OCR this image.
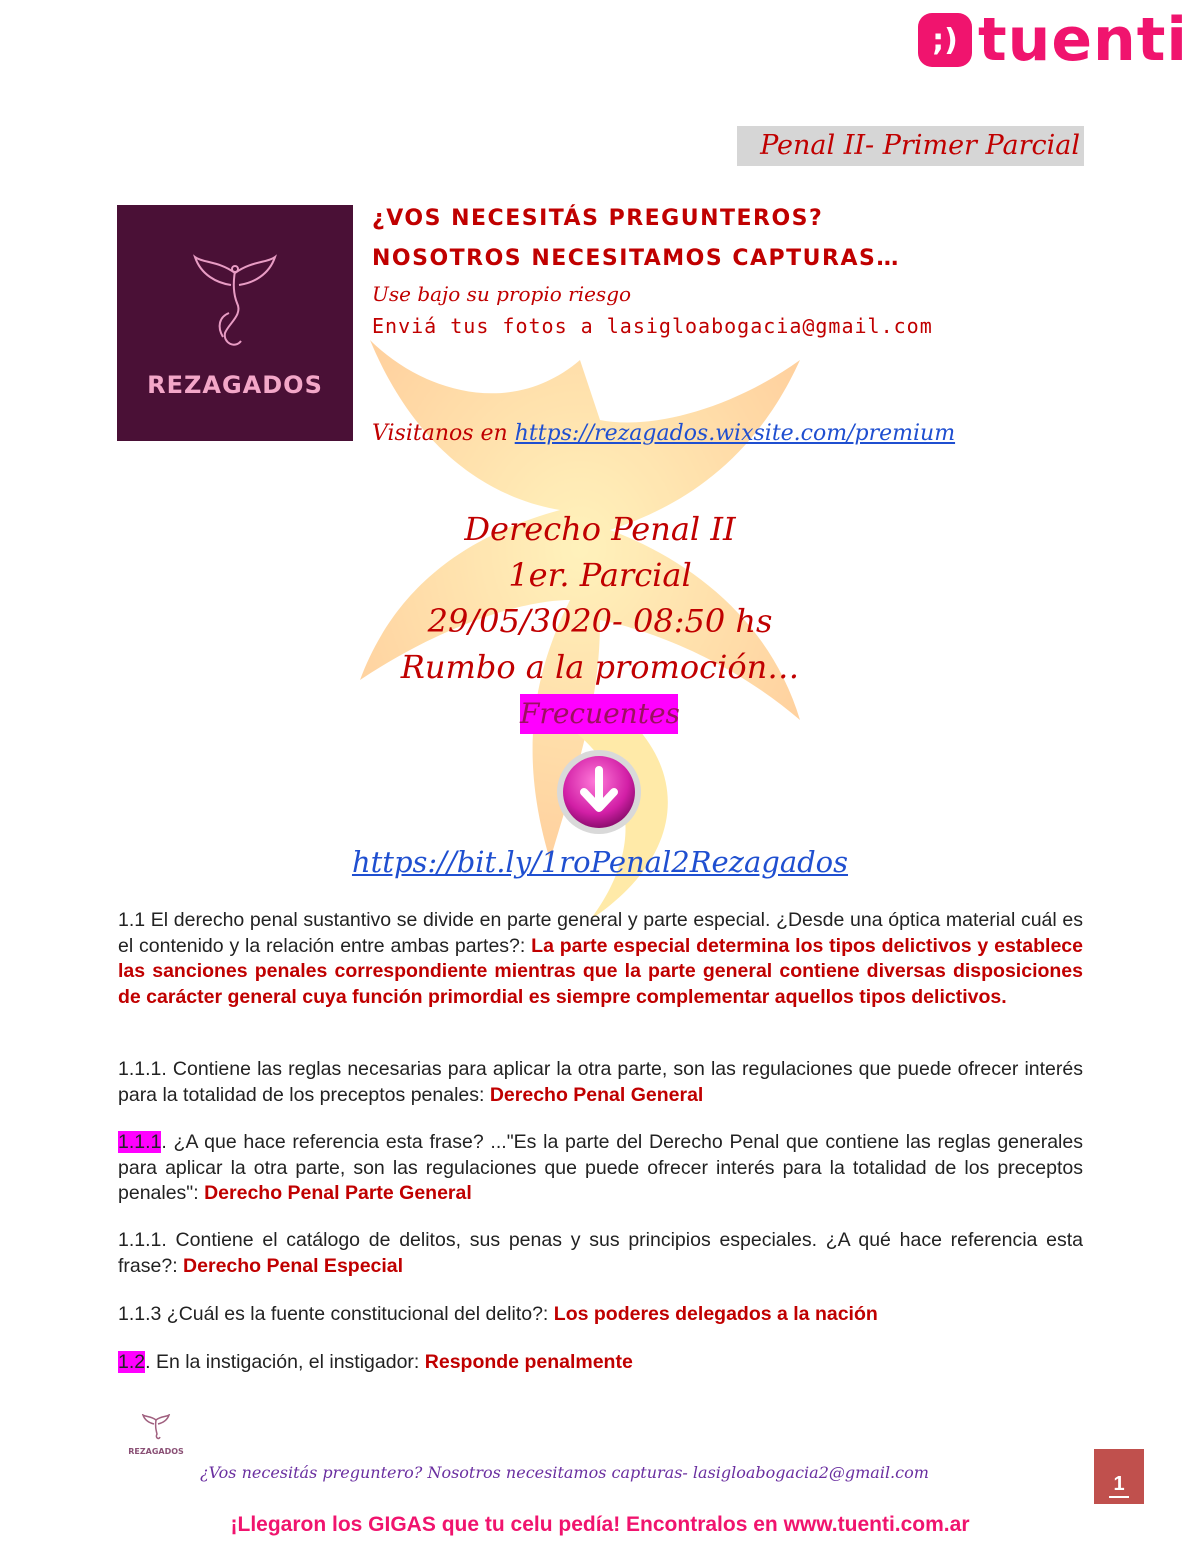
;) tuenti
Penal II- Primer Parcial
REZAGADOS
¿VOS NECESITÁS PREGUNTEROS?
NOSOTROS NECESITAMOS CAPTURAS…
Use bajo su propio riesgo
Enviá tus fotos a lasigloabogacia@gmail.com
Visitanos en https://rezagados.wixsite.com/premium
Derecho Penal II
1er. Parcial
29/05/3020- 08:50 hs
Rumbo a la promoción…
Frecuentes
https://bit.ly/1roPenal2Rezagados
1.1 El derecho penal sustantivo se divide en parte general y parte especial. ¿Desde una óptica material cuál es el contenido y la relación entre ambas partes?: La parte especial determina los tipos delictivos y establece las sanciones penales correspondiente mientras que la parte general contiene diversas disposiciones de carácter general cuya función primordial es siempre complementar aquellos tipos delictivos.
1.1.1. Contiene las reglas necesarias para aplicar la otra parte, son las regulaciones que puede ofrecer interés para la totalidad de los preceptos penales: Derecho Penal General
1.1.1. ¿A que hace referencia esta frase? ..."Es la parte del Derecho Penal que contiene las reglas generales para aplicar la otra parte, son las regulaciones que puede ofrecer interés para la totalidad de los preceptos penales": Derecho Penal Parte General
1.1.1. Contiene el catálogo de delitos, sus penas y sus principios especiales. ¿A qué hace referencia esta frase?: Derecho Penal Especial
1.1.3 ¿Cuál es la fuente constitucional del delito?: Los poderes delegados a la nación
1.2. En la instigación, el instigador: Responde penalmente
REZAGADOS
¿Vos necesitás preguntero? Nosotros necesitamos capturas- lasigloabogacia2@gmail.com
1
¡Llegaron los GIGAS que tu celu pedía! Encontralos en www.tuenti.com.ar
